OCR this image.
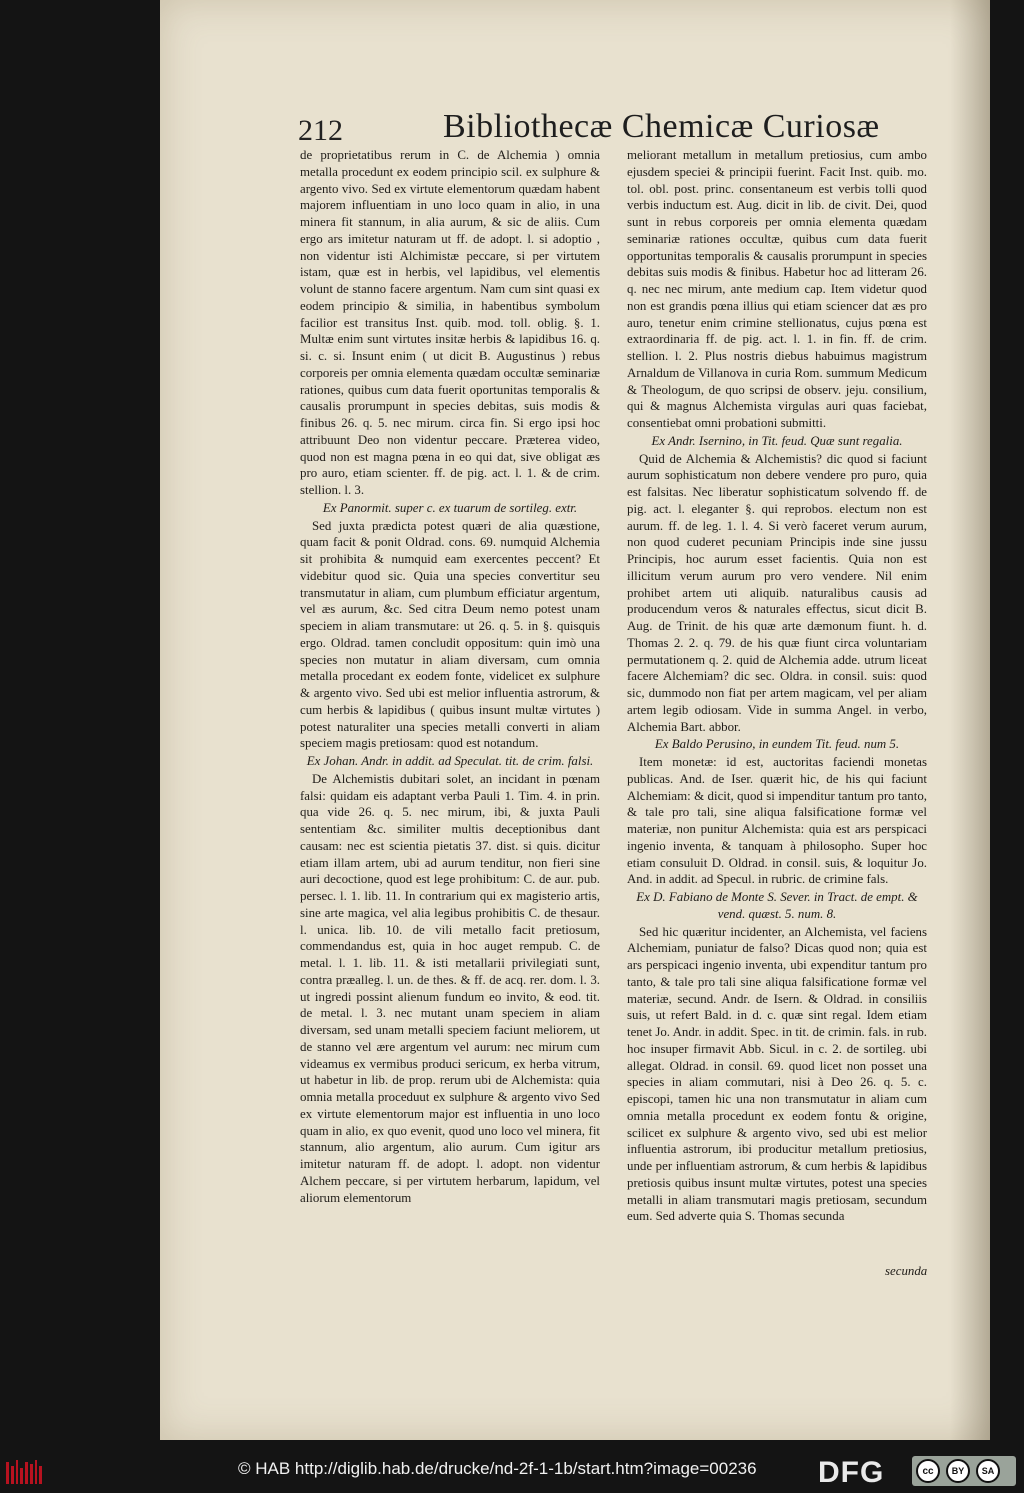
212	Bibliothecæ Chemicæ Curiosæ

de proprietatibus rerum in C. de Alchemia ) omnia metalla procedunt ex eodem principio scil. ex sulphure & argento vivo. Sed ex virtute elementorum quædam habent majorem influentiam in uno loco quam in alio, in una minera fit stannum, in alia aurum, & sic de aliis. Cum ergo ars imitetur naturam ut ff. de adopt. l. si adoptio , non videntur isti Alchimistæ peccare, si per virtutem istam, quæ est in herbis, vel lapidibus, vel elementis volunt de stanno facere argentum. Nam cum sint quasi ex eodem principio & similia, in habentibus symbolum facilior est transitus Inst. quib. mod. toll. oblig. §. 1. Multæ enim sunt virtutes insitæ herbis & lapidibus 16. q. si. c. si. Insunt enim ( ut dicit B. Augustinus ) rebus corporeis per omnia elementa quædam occultæ seminariæ rationes, quibus cum data fuerit oportunitas temporalis & causalis prorumpunt in species debitas, suis modis & finibus 26. q. 5. nec mirum. circa fin. Si ergo ipsi hoc attribuunt Deo non videntur peccare. Præterea video, quod non est magna pœna in eo qui dat, sive obligat æs pro auro, etiam scienter. ff. de pig. act. l. 1. & de crim. stellion. l. 3.

Ex Panormit. super c. ex tuarum de sortileg. extr.

Sed juxta prædicta potest quæri de alia quæstione, quam facit & ponit Oldrad. cons. 69. numquid Alchemia sit prohibita & numquid eam exercentes peccent? Et videbitur quod sic. Quia una species convertitur seu transmutatur in aliam, cum plumbum efficiatur argentum, vel æs aurum, &c. Sed citra Deum nemo potest unam speciem in aliam transmutare: ut 26. q. 5. in §. quisquis ergo. Oldrad. tamen concludit oppositum: quin imò una species non mutatur in aliam diversam, cum omnia metalla procedant ex eodem fonte, videlicet ex sulphure & argento vivo. Sed ubi est melior influentia astrorum, & cum herbis & lapidibus ( quibus insunt multæ virtutes ) potest naturaliter una species metalli converti in aliam speciem magis pretiosam: quod est notandum.

Ex Johan. Andr. in addit. ad Speculat. tit. de crim. falsi.

De Alchemistis dubitari solet, an incidant in pœnam falsi: quidam eis adaptant verba Pauli 1. Tim. 4. in prin. qua vide 26. q. 5. nec mirum, ibi, & juxta Pauli sententiam &c. similiter multis deceptionibus dant causam: nec est scientia pietatis 37. dist. si quis. dicitur etiam illam artem, ubi ad aurum tenditur, non fieri sine auri decoctione, quod est lege prohibitum: C. de aur. pub. persec. l. 1. lib. 11. In contrarium qui ex magisterio artis, sine arte magica, vel alia legibus prohibitis C. de thesaur. l. unica. lib. 10. de vili metallo facit pretiosum, commendandus est, quia in hoc auget rempub. C. de metal. l. 1. lib. 11. & isti metallarii privilegiati sunt, contra præalleg. l. un. de thes. & ff. de acq. rer. dom. l. 3. ut ingredi possint alienum fundum eo invito, & eod. tit. de metal. l. 3. nec mutant unam speciem in aliam diversam, sed unam metalli speciem faciunt meliorem, ut de stanno vel ære argentum vel aurum: nec mirum cum videamus ex vermibus produci sericum, ex herba vitrum, ut habetur in lib. de prop. rerum ubi de Alchemista: quia omnia metalla proceduut ex sulphure & argento vivo Sed ex virtute elementorum major est influentia in uno loco quam in alio, ex quo evenit, quod uno loco vel minera, fit stannum, alio argentum, alio aurum. Cum igitur ars imitetur naturam ff. de adopt. l. adopt. non videntur Alchem peccare, si per virtutem herbarum, lapidum, vel aliorum elementorum

meliorant metallum in metallum pretiosius, cum ambo ejusdem speciei & principii fuerint. Facit Inst. quib. mo. tol. obl. post. princ. consentaneum est verbis tolli quod verbis inductum est. Aug. dicit in lib. de civit. Dei, quod sunt in rebus corporeis per omnia elementa quædam seminariæ rationes occultæ, quibus cum data fuerit opportunitas temporalis & causalis prorumpunt in species debitas suis modis & finibus. Habetur hoc ad litteram 26. q. nec nec mirum, ante medium cap. Item videtur quod non est grandis pœna illius qui etiam sciencer dat æs pro auro, tenetur enim crimine stellionatus, cujus pœna est extraordinaria ff. de pig. act. l. 1. in fin. ff. de crim. stellion. l. 2. Plus nostris diebus habuimus magistrum Arnaldum de Villanova in curia Rom. summum Medicum & Theologum, de quo scripsi de observ. jeju. consilium, qui & magnus Alchemista virgulas auri quas faciebat, consentiebat omni probationi submitti.

Ex Andr. Isernino, in Tit. feud. Quæ sunt regalia.

Quid de Alchemia & Alchemistis? dic quod si faciunt aurum sophisticatum non debere vendere pro puro, quia est falsitas. Nec liberatur sophisticatum solvendo ff. de pig. act. l. eleganter §. qui reprobos. electum non est aurum. ff. de leg. 1. l. 4. Si verò faceret verum aurum, non quod cuderet pecuniam Principis inde sine jussu Principis, hoc aurum esset facientis. Quia non est illicitum verum aurum pro vero vendere. Nil enim prohibet artem uti aliquib. naturalibus causis ad producendum veros & naturales effectus, sicut dicit B. Aug. de Trinit. de his quæ arte dæmonum fiunt. h. d. Thomas 2. 2. q. 79. de his quæ fiunt circa voluntariam permutationem q. 2. quid de Alchemia adde. utrum liceat facere Alchemiam? dic sec. Oldra. in consil. suis: quod sic, dummodo non fiat per artem magicam, vel per aliam artem legib odiosam. Vide in summa Angel. in verbo, Alchemia Bart. abbor.

Ex Baldo Perusino, in eundem Tit. feud. num 5.

Item monetæ: id est, auctoritas faciendi monetas publicas. And. de Iser. quærit hic, de his qui faciunt Alchemiam: & dicit, quod si impenditur tantum pro tanto, & tale pro tali, sine aliqua falsificatione formæ vel materiæ, non punitur Alchemista: quia est ars perspicaci ingenio inventa, & tanquam à philosopho. Super hoc etiam consuluit D. Oldrad. in consil. suis, & loquitur Jo. And. in addit. ad Specul. in rubric. de crimine fals.

Ex D. Fabiano de Monte S. Sever. in Tract. de empt. & vend. quæst. 5. num. 8.

Sed hic quæritur incidenter, an Alchemista, vel faciens Alchemiam, puniatur de falso? Dicas quod non; quia est ars perspicaci ingenio inventa, ubi expenditur tantum pro tanto, & tale pro tali sine aliqua falsificatione formæ vel materiæ, secund. Andr. de Isern. & Oldrad. in consiliis suis, ut refert Bald. in d. c. quæ sint regal. Idem etiam tenet Jo. Andr. in addit. Spec. in tit. de crimin. fals. in rub. hoc insuper firmavit Abb. Sicul. in c. 2. de sortileg. ubi allegat. Oldrad. in consil. 69. quod licet non posset una species in aliam commutari, nisi à Deo 26. q. 5. c. episcopi, tamen hic una non transmutatur in aliam cum omnia metalla procedunt ex eodem fontu & origine, scilicet ex sulphure & argento vivo, sed ubi est melior influentia astrorum, ibi producitur metallum pretiosius, unde per influentiam astrorum, & cum herbis & lapidibus pretiosis quibus insunt multæ virtutes, potest una species metalli in aliam transmutari magis pretiosam, secundum eum. Sed adverte quia S. Thomas secunda

secunda
© HAB http://diglib.hab.de/drucke/nd-2f-1-1b/start.htm?image=00236 DFG	cc	BY SA
